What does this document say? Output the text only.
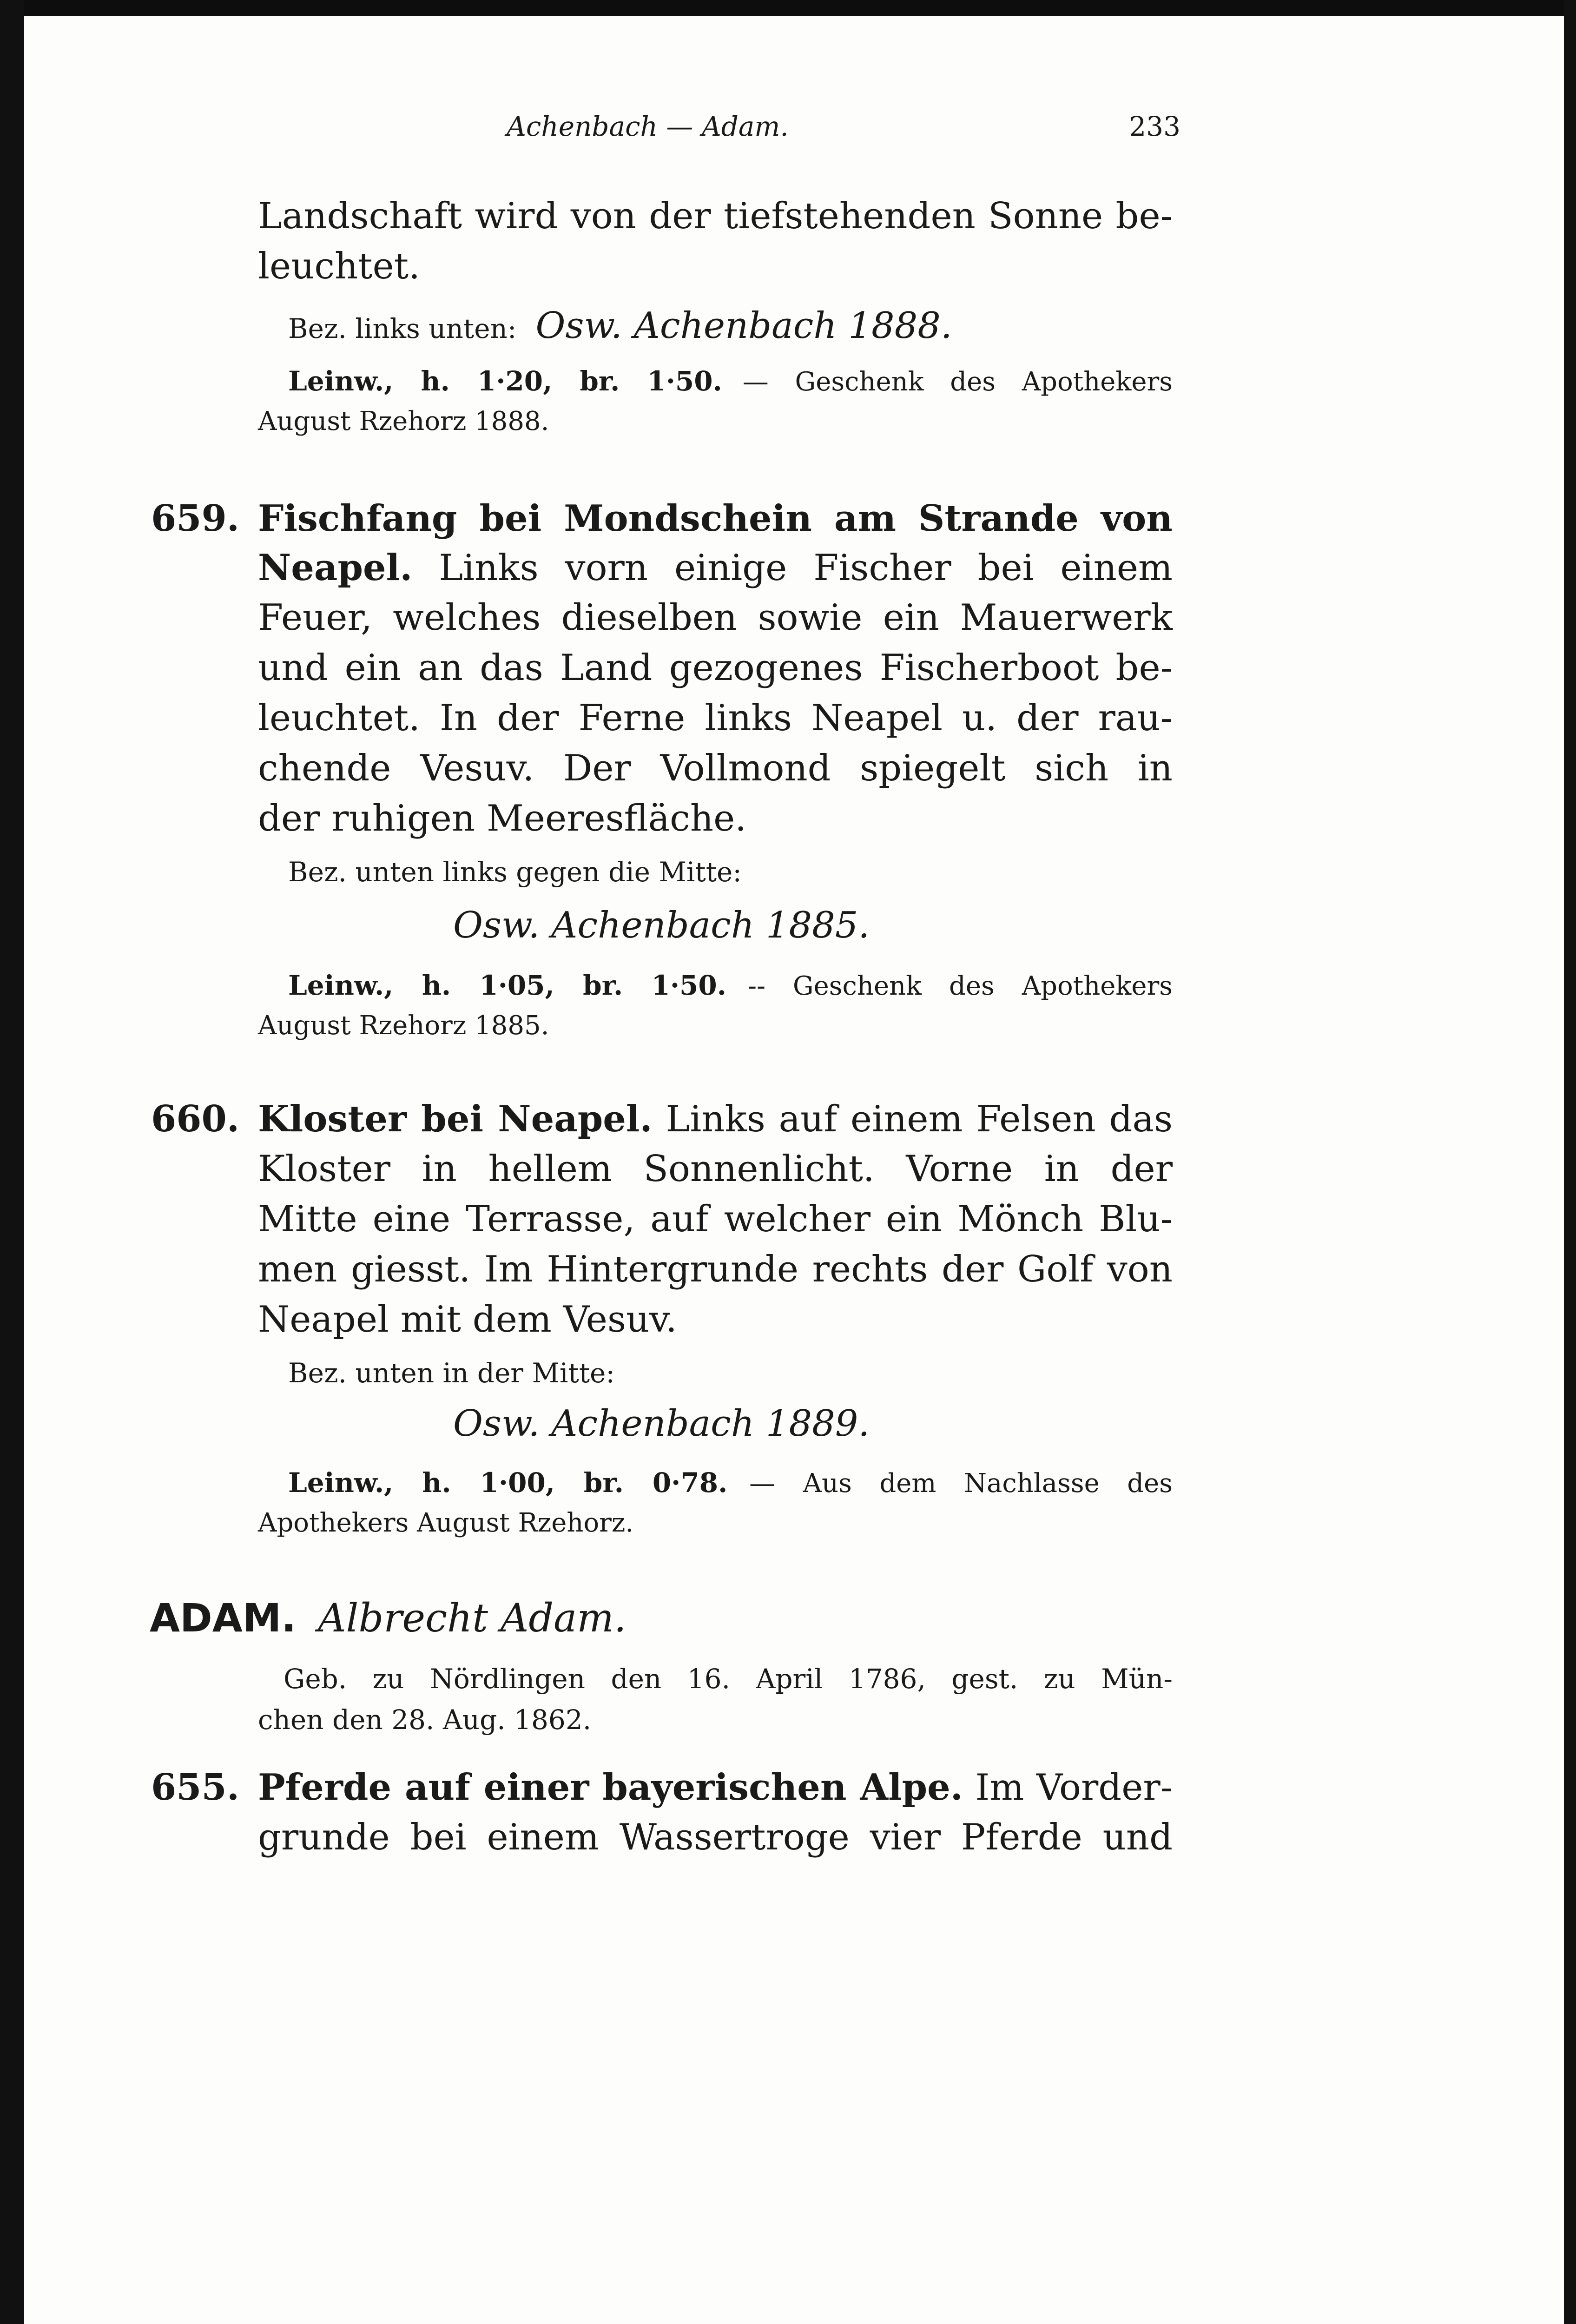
Achenbach — Adam.	233
Landschaft wird von der tiefstehenden Sonne be-
leuchtet.
Bez. links unten: Osw. Achenbach 1888.
Leinw., h. 1·20, br. 1·50. — Geschenk des Apothekers
August Rzehorz 1888.
659. Fischfang bei Mondschein am Strande von
Neapel. Links vorn einige Fischer bei einem
Feuer, welches dieselben sowie ein Mauerwerk
und ein an das Land gezogenes Fischerboot be-
leuchtet. In der Ferne links Neapel u. der rau-
chende Vesuv. Der Vollmond spiegelt sich in
der ruhigen Meeresfläche.
Bez. unten links gegen die Mitte:
Osw. Achenbach 1885.
Leinw., h. 1·05, br. 1·50. -- Geschenk des Apothekers
August Rzehorz 1885.
660. Kloster bei Neapel. Links auf einem Felsen das
Kloster in hellem Sonnenlicht. Vorne in der
Mitte eine Terrasse, auf welcher ein Mönch Blu-
men giesst. Im Hintergrunde rechts der Golf von
Neapel mit dem Vesuv.
Bez. unten in der Mitte:
Osw. Achenbach 1889.
Leinw., h. 1·00, br. 0·78. — Aus dem Nachlasse des
Apothekers August Rzehorz.
ADAM. Albrecht Adam.
Geb. zu Nördlingen den 16. April 1786, gest. zu Mün-
chen den 28. Aug. 1862.
655. Pferde auf einer bayerischen Alpe. Im Vorder-
grunde bei einem Wassertroge vier Pferde und
